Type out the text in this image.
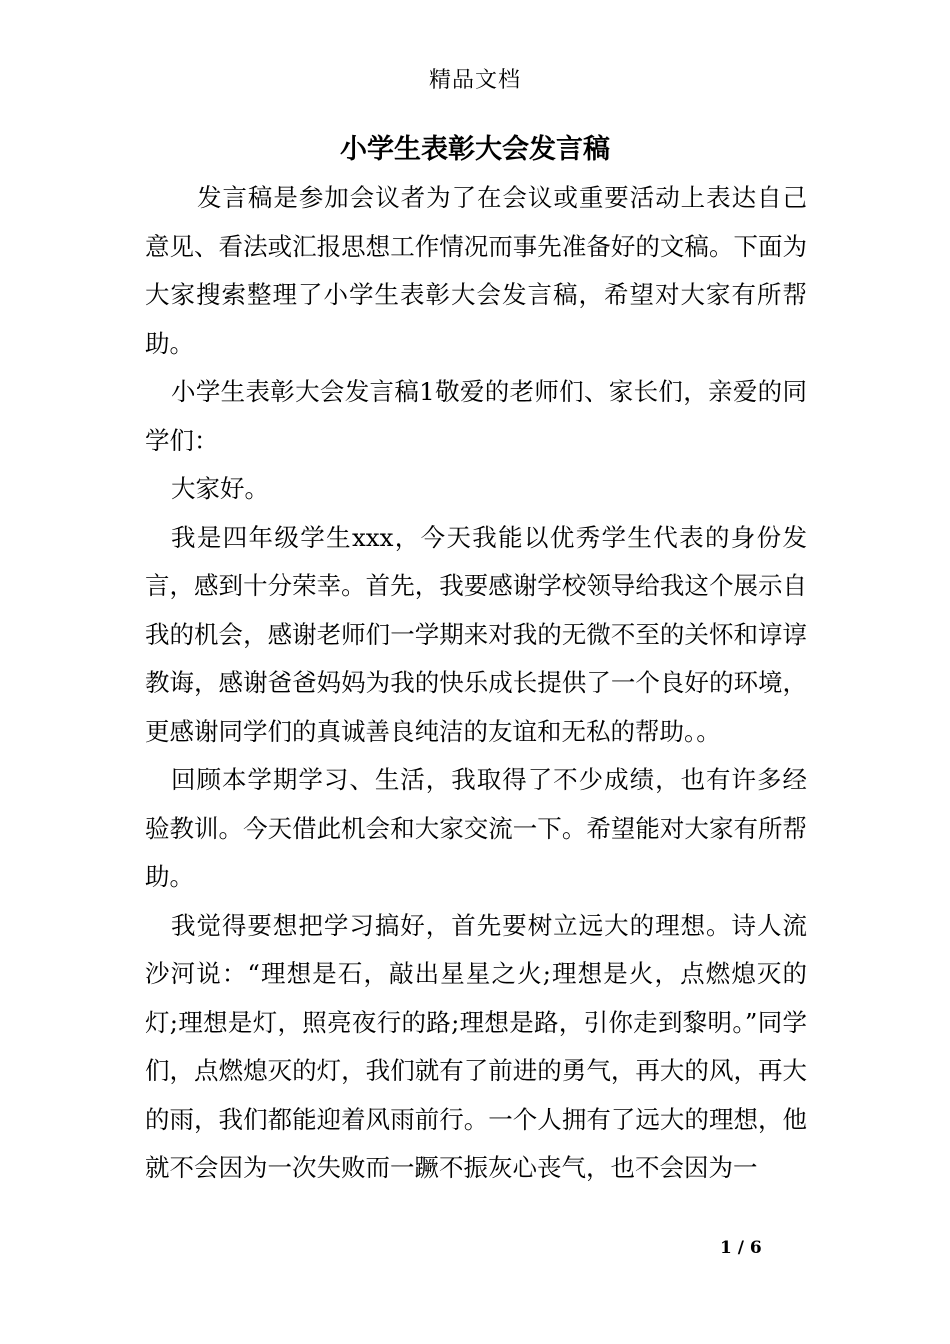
精品文档
小学生表彰大会发言稿

发言稿是参加会议者为了在会议或重要活动上表达自己意见、看法或汇报思想工作情况而事先准备好的文稿。下面为大家搜索整理了小学生表彰大会发言稿，希望对大家有所帮助。

小学生表彰大会发言稿1敬爱的老师们、家长们，亲爱的同学们：

大家好。

我是四年级学生xxx，今天我能以优秀学生代表的身份发言，感到十分荣幸。首先，我要感谢学校领导给我这个展示自我的机会，感谢老师们一学期来对我的无微不至的关怀和谆谆教诲，感谢爸爸妈妈为我的快乐成长提供了一个良好的环境，更感谢同学们的真诚善良纯洁的友谊和无私的帮助。。

回顾本学期学习、生活，我取得了不少成绩，也有许多经验教训。今天借此机会和大家交流一下。希望能对大家有所帮助。

我觉得要想把学习搞好，首先要树立远大的理想。诗人流沙河说：“理想是石，敲出星星之火;理想是火，点燃熄灭的灯;理想是灯，照亮夜行的路;理想是路，引你走到黎明。”同学们，点燃熄灭的灯，我们就有了前进的勇气，再大的风，再大的雨，我们都能迎着风雨前行。一个人拥有了远大的理想，他就不会因为一次失败而一蹶不振灰心丧气，也不会因为一

1 / 6
